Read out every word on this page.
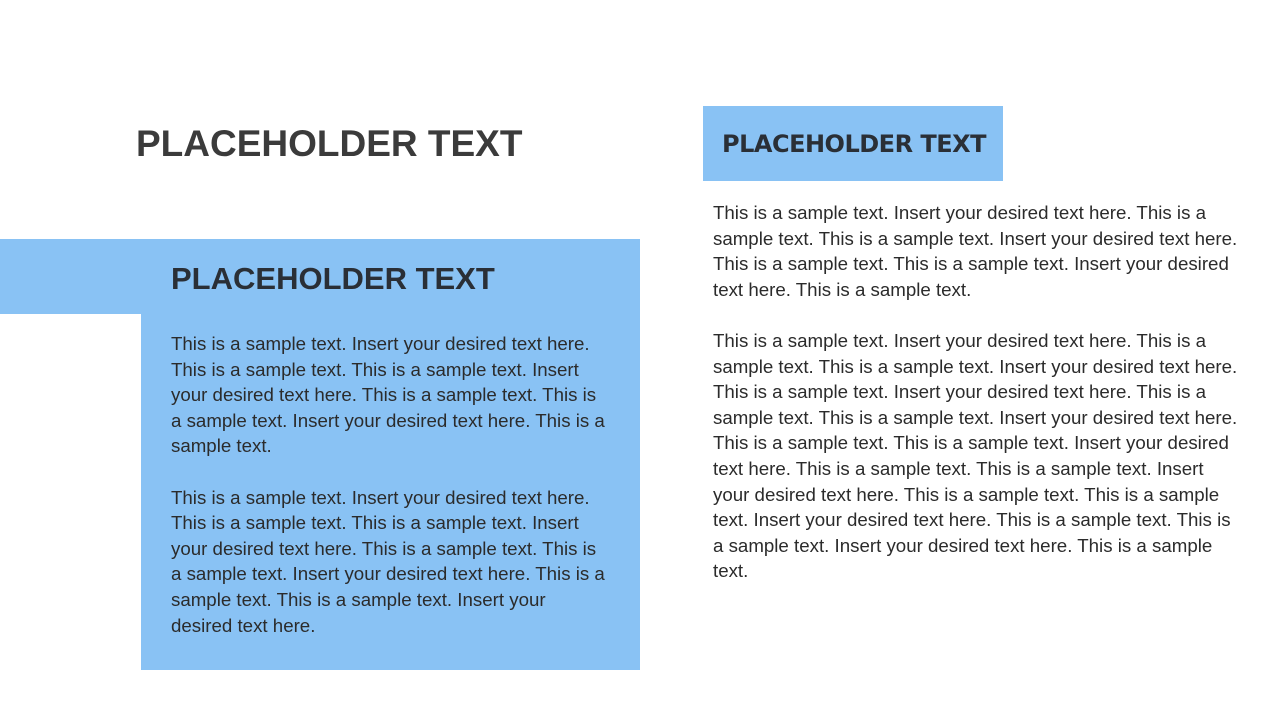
PLACEHOLDER TEXT
PLACEHOLDER TEXT

This is a sample text. Insert your desired text here. This is a sample text. This is a sample text. Insert your desired text here. This is a sample text. This is a sample text. Insert your desired text here. This is a sample text.

This is a sample text. Insert your desired text here. This is a sample text. This is a sample text. Insert your desired text here. This is a sample text. This is a sample text. Insert your desired text here. This is a sample text. This is a sample text. Insert your desired text here.

PLACEHOLDER TEXT

This is a sample text. Insert your desired text here. This is a sample text. This is a sample text. Insert your desired text here. This is a sample text. This is a sample text. Insert your desired text here. This is a sample text.

This is a sample text. Insert your desired text here. This is a sample text. This is a sample text. Insert your desired text here. This is a sample text. Insert your desired text here. This is a sample text. This is a sample text. Insert your desired text here. This is a sample text. This is a sample text. Insert your desired text here. This is a sample text. This is a sample text. Insert your desired text here. This is a sample text. This is a sample text. Insert your desired text here. This is a sample text. This is a sample text. Insert your desired text here. This is a sample text.
